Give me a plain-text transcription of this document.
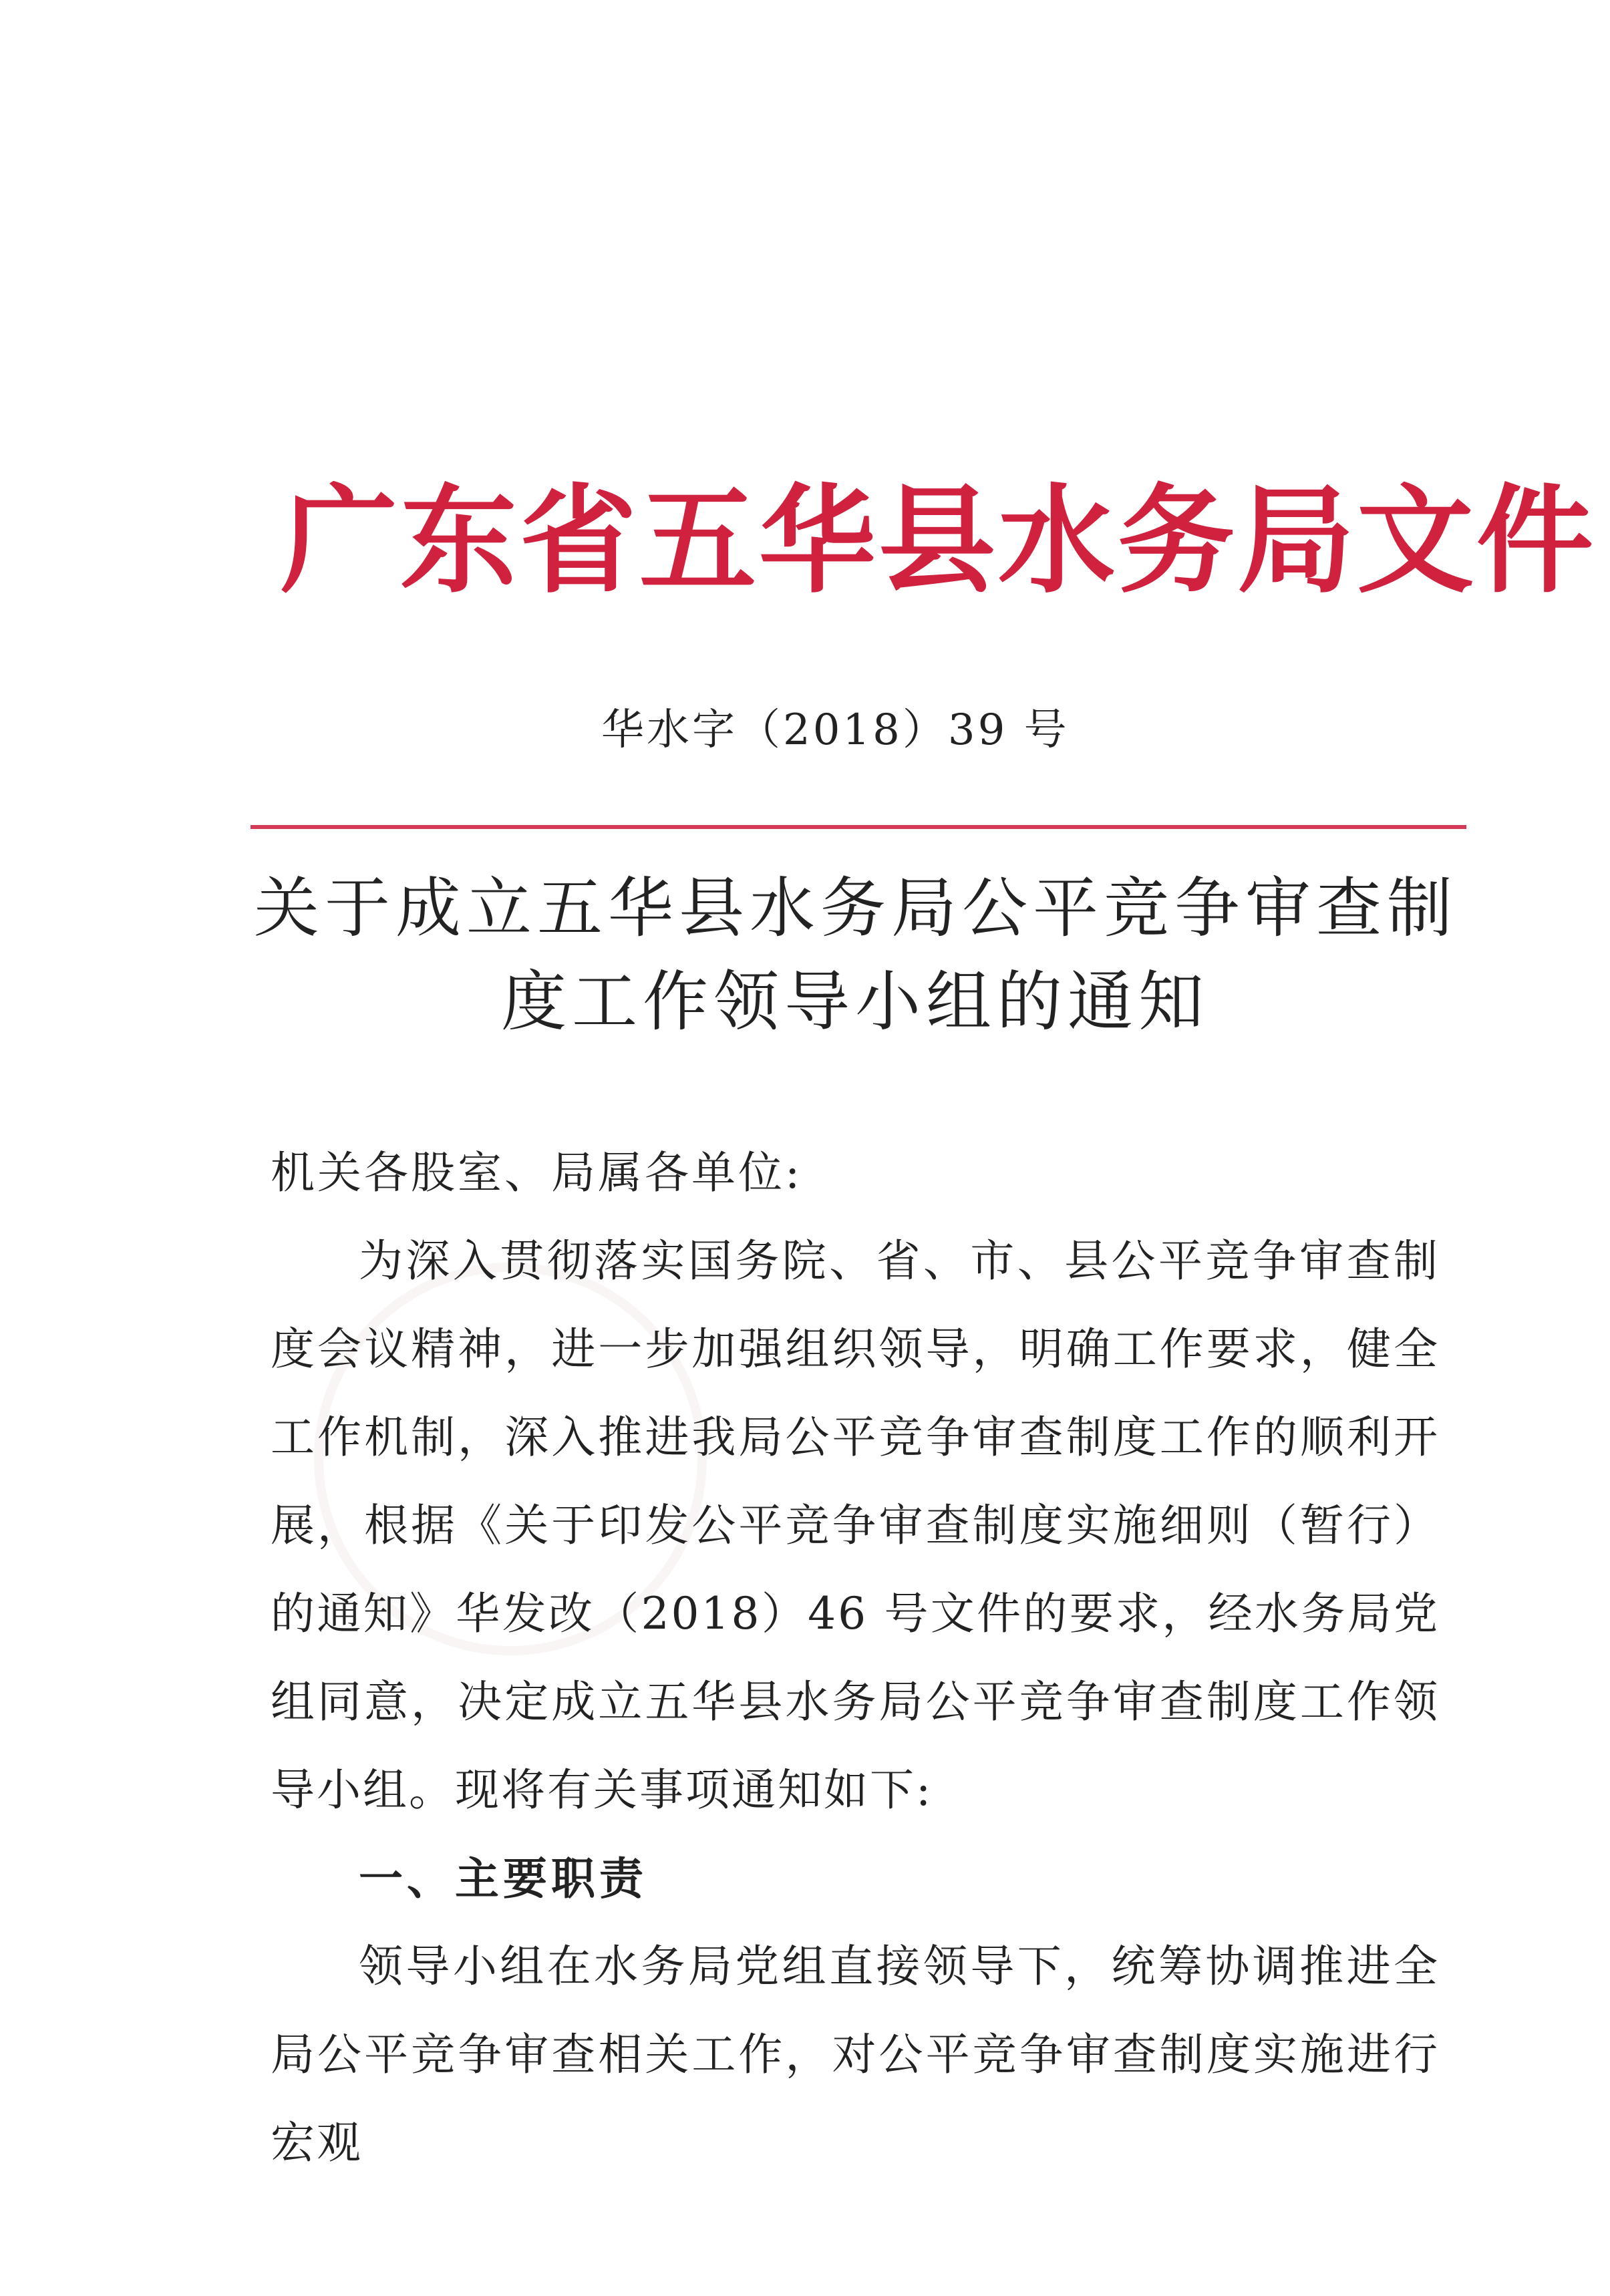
广东省五华县水务局文件
华水字（2018）39 号
关于成立五华县水务局公平竞争审查制
度工作领导小组的通知
机关各股室、局属各单位:
为深入贯彻落实国务院、省、市、县公平竞争审查制度会议精神，进一步加强组织领导，明确工作要求，健全工作机制，深入推进我局公平竞争审查制度工作的顺利开展，根据《关于印发公平竞争审查制度实施细则（暂行）的通知》华发改（2018）46 号文件的要求，经水务局党组同意，决定成立五华县水务局公平竞争审查制度工作领导小组。现将有关事项通知如下:
一、主要职责
领导小组在水务局党组直接领导下，统筹协调推进全局公平竞争审查相关工作，对公平竞争审查制度实施进行宏观
